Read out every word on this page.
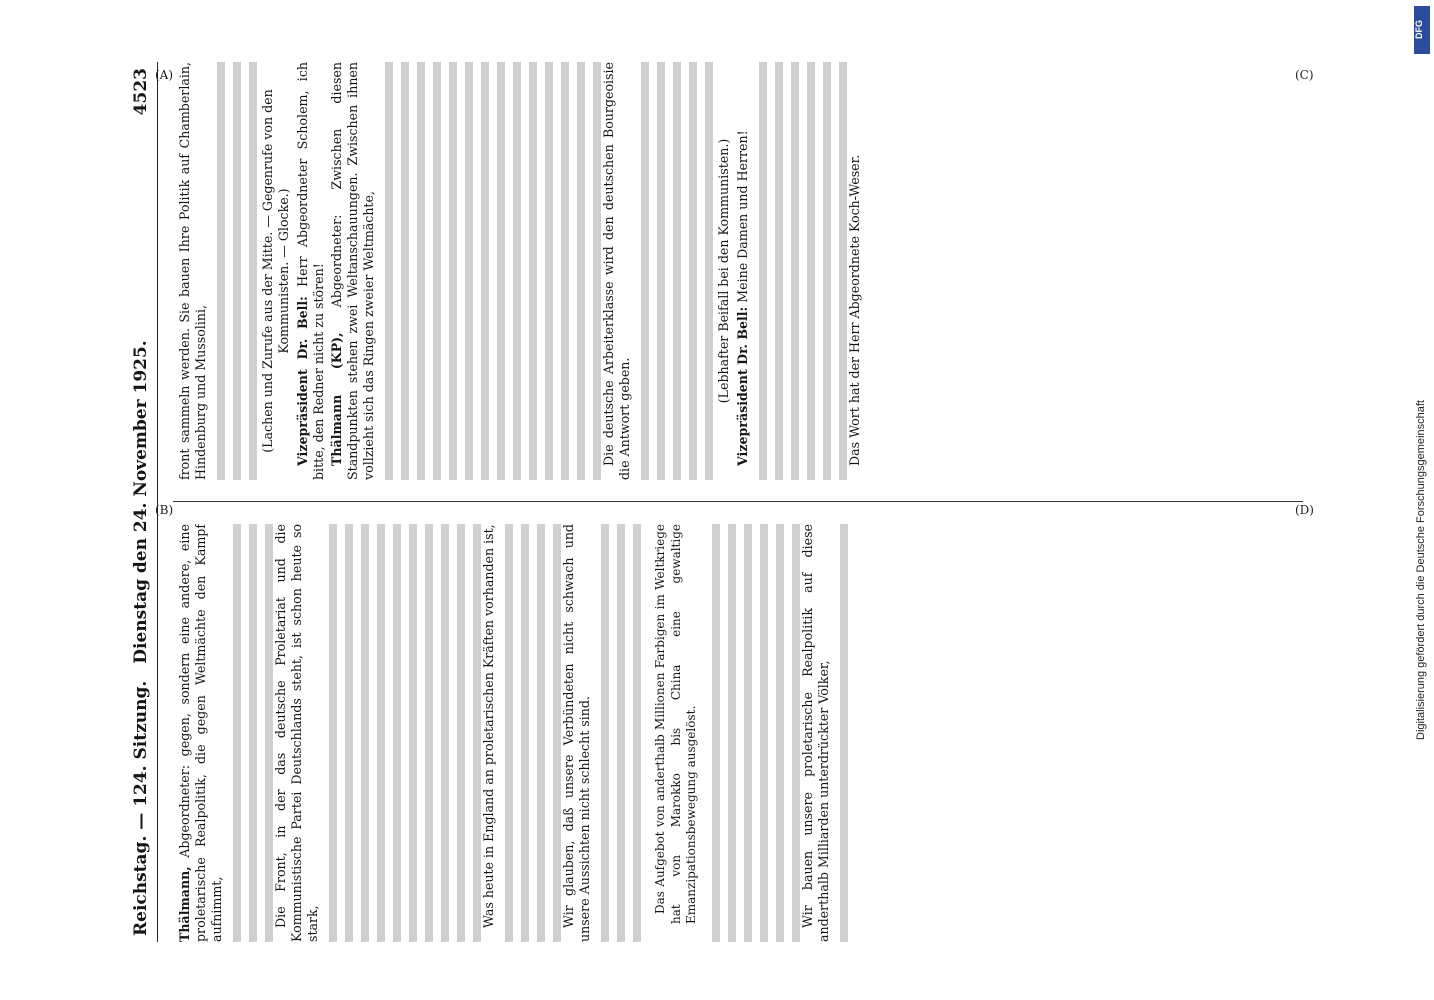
DFG
Digitalisierung gefördert durch die Deutsche Forschungsgemeinschaft
(A)
(B)
(C)
(D)
Reichstag. — 124. Sitzung.
Dienstag den 24. November 1925.
4523

Thälmann, Abgeordneter: gegen, sondern eine andere, eine proletarische Realpolitik, die gegen Weltmächte den Kampf aufnimmt,	Die Front, in der das deutsche Proletariat und die Kommunistische Partei Deutschlands steht, ist schon heute so stark,	Was heute in England an proletarischen Kräften vorhanden ist,	Wir glauben, daß unsere Verbündeten nicht schwach und unsere Aussichten nicht schlecht sind.	Das Aufgebot von anderthalb Millionen Farbigen im Weltkriege hat von Marokko bis China eine gewaltige Emanzipationsbewegung ausgelöst.	Wir bauen unsere proletarische Realpolitik auf diese anderthalb Milliarden unterdrückter Völker,

front sammeln werden. Sie bauen Ihre Politik auf Chamberlain, Hindenburg und Mussolini,	(Lachen und Zurufe aus der Mitte. — Gegenrufe von den Kommunisten. — Glocke.)

Vizepräsident Dr. Bell: Herr Abgeordneter Scholem, ich bitte, den Redner nicht zu stören! Thälmann (KP), Abgeordneter: Zwischen diesen Standpunkten stehen zwei Weltanschauungen. Zwischen ihnen vollzieht sich das Ringen zweier Weltmächte,	Die deutsche Arbeiterklasse wird den deutschen Bourgeoisie die Antwort geben.

(Lebhafter Beifall bei den Kommunisten.) Vizepräsident Dr. Bell: Meine Damen und Herren!	Das Wort hat der Herr Abgeordnete Koch-Weser.
